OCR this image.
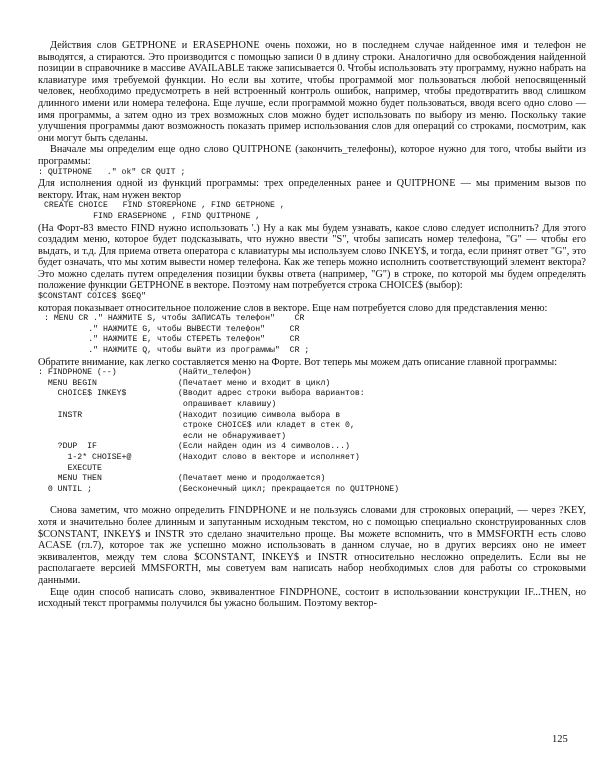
Действия слов GETPHONE и ERASEPHONE очень похожи, но в последнем случае найденное имя и телефон не выводятся, а стираются. Это производится с помощью записи 0 в длину строки. Аналогично для освобождения найденной позиции в справочнике в массиве AVAILABLE также записывается 0. Чтобы использовать эту программу, нужно набрать на клавиатуре имя требуемой функции. Но если вы хотите, чтобы программой мог пользоваться любой непосвященный человек, необходимо предусмотреть в ней встроенный контроль ошибок, например, чтобы предотвратить ввод слишком длинного имени или номера телефона. Еще лучше, если программой можно будет пользоваться, вводя всего одно слово — имя программы, а затем одно из трех возможных слов можно будет использовать по выбору из меню. Поскольку такие улучшения программы дают возможность показать пример использования слов для операций со строками, посмотрим, как они могут быть сделаны.

Вначале мы определим еще одно слово QUITPHONE (закончить_телефоны), которое нужно для того, чтобы выйти из программы:

: QUITPHONE   ." ok" CR QUIT ;

Для исполнения одной из функций программы: трех определенных ранее и QUITPHONE — мы применим вызов по вектору. Итак, нам нужен вектор

CREATE CHOICE   FIND STOREPHONE , FIND GETPHONE ,
FIND ERASEPHONE , FIND QUITPHONE ,

(На Форт-83 вместо FIND нужно использовать '.) Ну а как мы будем узнавать, какое слово следует исполнить? Для этого создадим меню, которое будет подсказывать, что нужно ввести "S", чтобы записать номер телефона, "G" — чтобы его выдать, и т.д. Для приема ответа оператора с клавиатуры мы используем слово INKEY$, и тогда, если принят ответ "G", это будет означать, что мы хотим вывести номер телефона. Как же теперь можно исполнить соответствующий элемент вектора? Это можно сделать путем определения позиции буквы ответа (например, "G") в строке, по которой мы будем определять положение функции GETPHONE в векторе. Поэтому нам потребуется строка CHOICE$ (выбор):

$CONSTANT COICE$ $GEQ"

которая показывает относительное положение слов в векторе. Еще нам потребуется слово для представления меню:

: MENU CR ." НАЖМИТЕ S, чтобы ЗАПИСАТЬ телефон"    CR
." НАЖМИТЕ G, чтобы ВЫВЕСТИ телефон"     CR
." НАЖМИТЕ E, чтобы СТЕРЕТЬ телефон"     CR
." НАЖМИТЕ Q, чтобы выйти из программы"  CR ;

Обратите внимание, как легко составляется меню на Форте. Вот теперь мы можем дать описание главной программы:

: FINDPHONE (--)	(Найти_телефон)
MENU BEGIN	(Печатает меню и входит в цикл)
CHOICE$ INKEY$	(Вводит адрес строки выбора вариантов:
опрашивает клавишу)
INSTR	(Находит позицию символа выбора в
строке CHOICE$ или кладет в стек 0,
если не обнаруживает)
?DUP  IF	(Если найден один из 4 символов...)
1-2* CHOISE+@	(Находит слово в векторе и исполняет)
EXECUTE
MENU THEN	(Печатает меню и продолжается)
0 UNTIL ;	(Бесконечный цикл; прекращается по QUITPHONE)

Снова заметим, что можно определить FINDPHONE и не пользуясь словами для строковых операций, — через ?KEY, хотя и значительно более длинным и запутанным исходным текстом, но с помощью специально сконструированных слов $CONSTANT, INKEY$ и INSTR это сделано значительно проще. Вы можете вспомнить, что в MMSFORTH есть слово ACASE (гл.7), которое так же успешно можно использовать в данном случае, но в других версиях оно не имеет эквивалентов, между тем слова $CONSTANT, INKEY$ и INSTR относительно несложно определить. Если вы не располагаете версией MMSFORTH, мы советуем вам написать набор необходимых слов для работы со строковыми данными.

Еще один способ написать слово, эквивалентное FINDPHONE, состоит в использовании конструкции IF...THEN, но исходный текст программы получился бы ужасно большим. Поэтому вектор-

125
